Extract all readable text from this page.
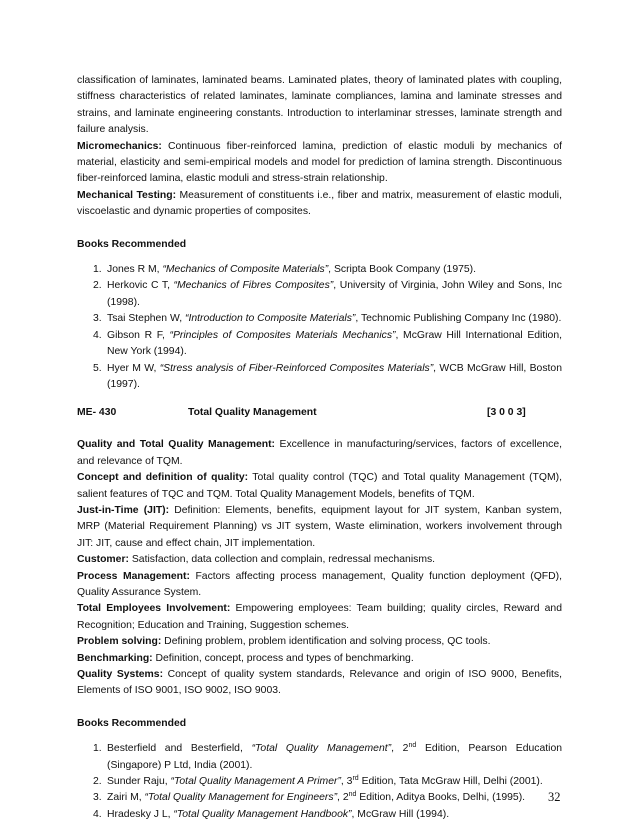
classification of laminates, laminated beams. Laminated plates, theory of laminated plates with coupling, stiffness characteristics of related laminates, laminate compliances, lamina and laminate stresses and strains, and laminate engineering constants. Introduction to interlaminar stresses, laminate strength and failure analysis.

Micromechanics: Continuous fiber-reinforced lamina, prediction of elastic moduli by mechanics of material, elasticity and semi-empirical models and model for prediction of lamina strength. Discontinuous fiber-reinforced lamina, elastic moduli and stress-strain relationship.

Mechanical Testing: Measurement of constituents i.e., fiber and matrix, measurement of elastic moduli, viscoelastic and dynamic properties of composites.

Books Recommended

1. Jones R M, “Mechanics of Composite Materials”, Scripta Book Company (1975).
2. Herkovic C T, “Mechanics of Fibres Composites”, University of Virginia, John Wiley and Sons, Inc (1998).
3. Tsai Stephen W, “Introduction to Composite Materials”, Technomic Publishing Company Inc (1980).
4. Gibson R F, “Principles of Composites Materials Mechanics”, McGraw Hill International Edition, New York (1994).
5. Hyer M W, “Stress analysis of Fiber-Reinforced Composites Materials”, WCB McGraw Hill, Boston (1997).
ME- 430	Total Quality Management	[3 0 0 3]

Quality and Total Quality Management: Excellence in manufacturing/services, factors of excellence, and relevance of TQM.

Concept and definition of quality: Total quality control (TQC) and Total quality Management (TQM), salient features of TQC and TQM. Total Quality Management Models, benefits of TQM.

Just-in-Time (JIT): Definition: Elements, benefits, equipment layout for JIT system, Kanban system, MRP (Material Requirement Planning) vs JIT system, Waste elimination, workers involvement through JIT: JIT, cause and effect chain, JIT implementation.

Customer: Satisfaction, data collection and complain, redressal mechanisms.

Process Management: Factors affecting process management, Quality function deployment (QFD), Quality Assurance System.

Total Employees Involvement: Empowering employees: Team building; quality circles, Reward and Recognition; Education and Training, Suggestion schemes.

Problem solving: Defining problem, problem identification and solving process, QC tools.

Benchmarking: Definition, concept, process and types of benchmarking.

Quality Systems: Concept of quality system standards, Relevance and origin of ISO 9000, Benefits, Elements of ISO 9001, ISO 9002, ISO 9003.

Books Recommended

1. Besterfield and Besterfield, “Total Quality Management”, 2nd Edition, Pearson Education (Singapore) P Ltd, India (2001).
2. Sunder Raju, “Total Quality Management A Primer”, 3rd Edition, Tata McGraw Hill, Delhi (2001).
3. Zairi M, “Total Quality Management for Engineers”, 2nd Edition, Aditya Books, Delhi, (1995).
4. Hradesky J L, “Total Quality Management Handbook”, McGraw Hill (1994).
32
